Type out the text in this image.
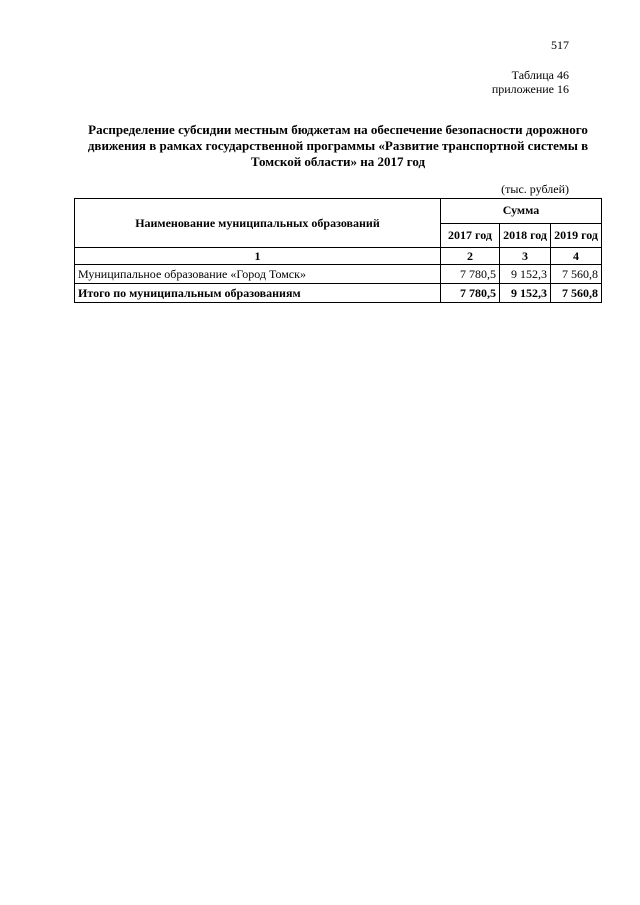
517
Таблица 46
приложение 16
Распределение субсидии местным бюджетам на обеспечение безопасности дорожного движения в рамках государственной программы «Развитие транспортной системы в Томской области» на 2017 год
(тыс. рублей)
Наименование муниципальных образований	Сумма		
	2017 год	2018 год	2019 год
1	2	3	4
Муниципальное образование «Город Томск»	7 780,5	9 152,3	7 560,8
Итого по муниципальным образованиям	7 780,5	9 152,3	7 560,8
